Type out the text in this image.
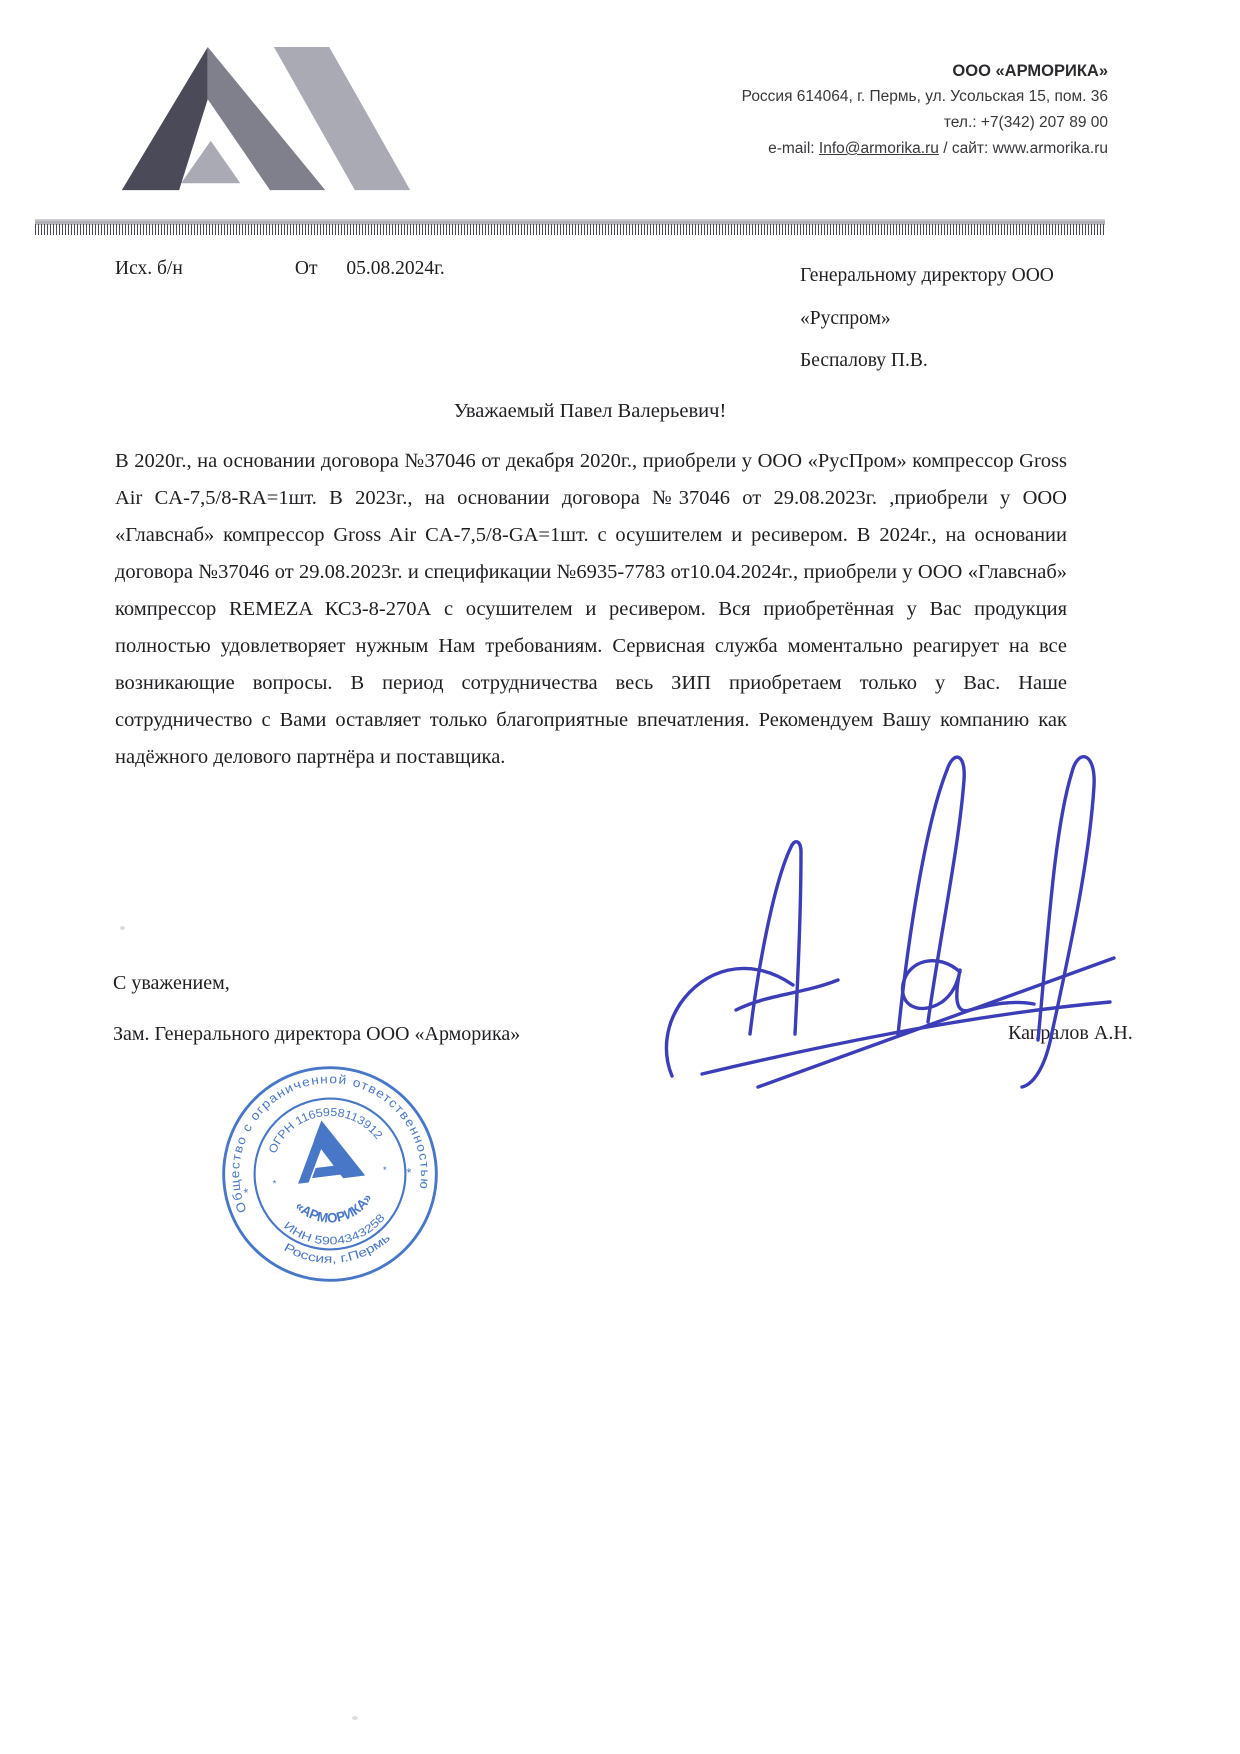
ООО «АРМОРИКА»
Россия 614064, г. Пермь, ул. Усольская 15, пом. 36
тел.: +7(342) 207 89 00
e-mail: Info@armorika.ru / сайт: www.armorika.ru
Исх. б/н	От 05.08.2024г.	Генеральному директору ООО
«Руспром»
Беспалову П.В.
Уважаемый Павел Валерьевич!

В 2020г., на основании договора №37046 от декабря 2020г., приобрели у ООО «РусПром» компрессор Gross Air CA-7,5/8-RA=1шт. В 2023г., на основании договора №37046 от 29.08.2023г. ,приобрели у ООО «Главснаб» компрессор Gross Air CA-7,5/8-GA=1шт. с осушителем и ресивером. В 2024г., на основании договора №37046 от 29.08.2023г. и спецификации №6935-7783 от10.04.2024г., приобрели у ООО «Главснаб» компрессор REMEZA КС3-8-270А с осушителем и ресивером. Вся приобретённая у Вас продукция полностью удовлетворяет нужным Нам требованиям. Сервисная служба моментально реагирует на все возникающие вопросы. В период сотрудничества весь ЗИП приобретаем только у Вас. Наше сотрудничество с Вами оставляет только благоприятные впечатления. Рекомендуем Вашу компанию как надёжного делового партнёра и поставщика.

С уважением,
Зам. Генерального директора ООО «Арморика»	Капралов А.Н.
Общество с ограниченной ответственностью
ОГРН 1165958113912
«АРМОРИКА»
ИНН 5904343258
Россия, г.Пермь
*
*
*
*
